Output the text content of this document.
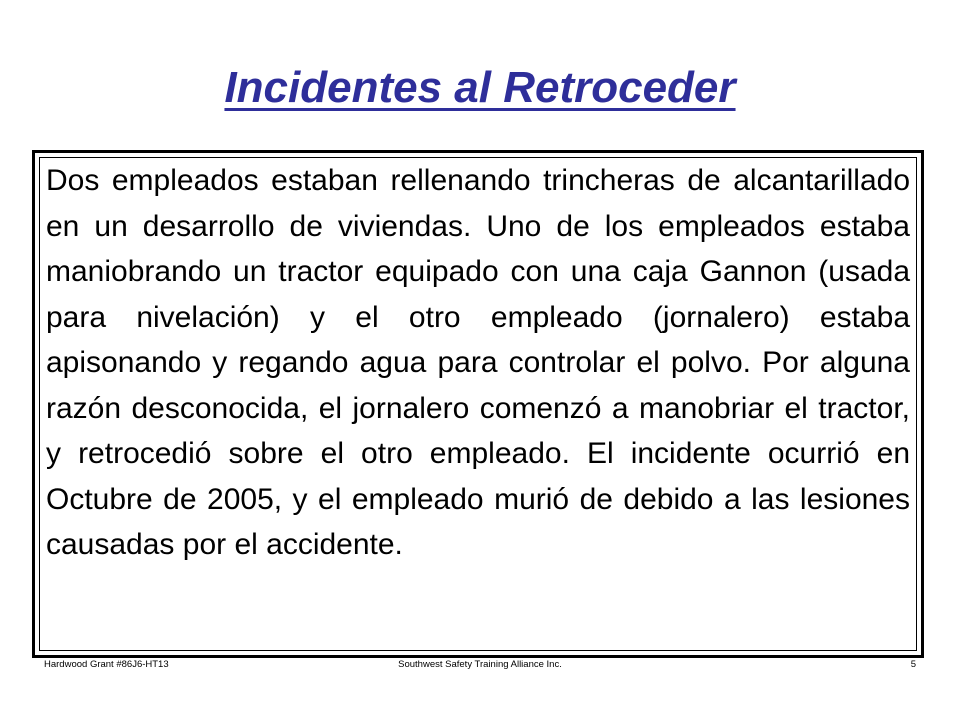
Incidentes al Retroceder

Dos empleados estaban rellenando trincheras de alcantarillado en un desarrollo de viviendas. Uno de los empleados estaba maniobrando un tractor equipado con una caja Gannon (usada para nivelación) y el otro empleado (jornalero) estaba apisonando y regando agua para controlar el polvo. Por alguna razón desconocida, el jornalero comenzó a manobriar el tractor, y retrocedió sobre el otro empleado. El incidente ocurrió en Octubre de 2005, y el empleado murió de debido a las lesiones causadas por el accidente.

Hardwood Grant #86J6-HT13	Southwest Safety Training Alliance Inc.	5
